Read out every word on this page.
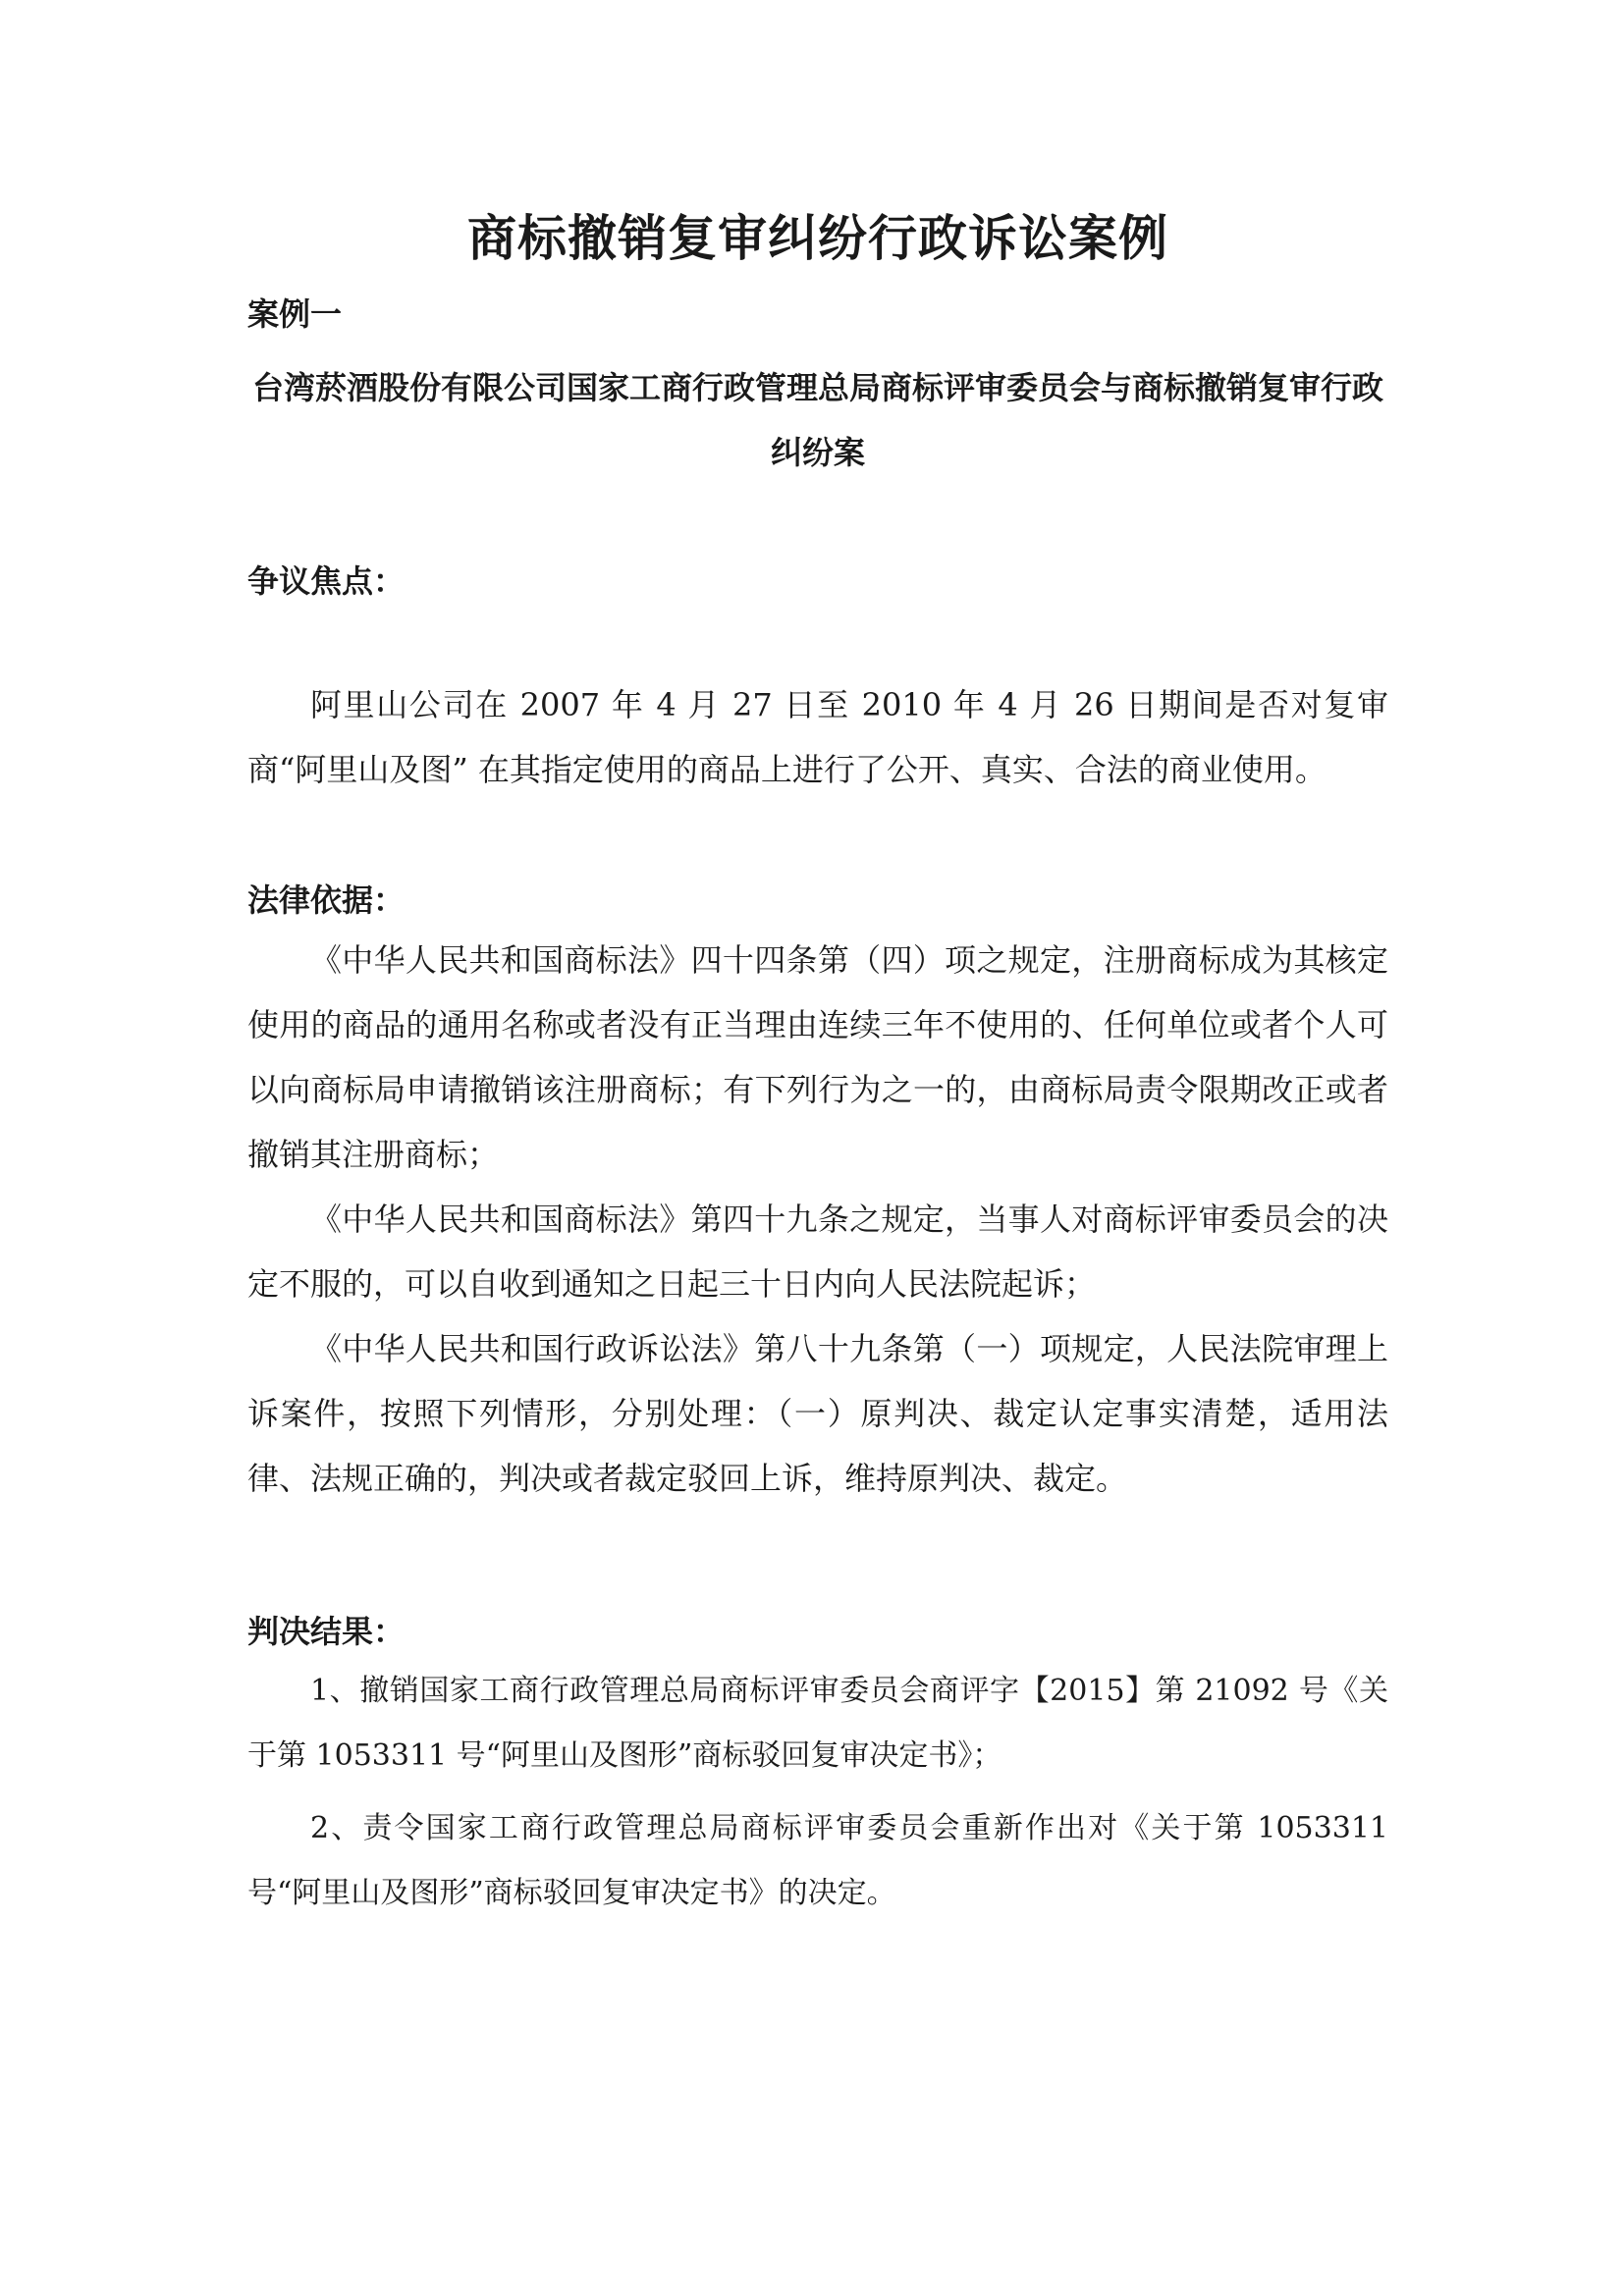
商标撤销复审纠纷行政诉讼案例
案例一
台湾菸酒股份有限公司国家工商行政管理总局商标评审委员会与商标撤销复审行政纠纷案
争议焦点：
阿里山公司在 2007 年 4 月 27 日至 2010 年 4 月 26 日期间是否对复审商“阿里山及图” 在其指定使用的商品上进行了公开、真实、合法的商业使用。
法律依据：
《中华人民共和国商标法》四十四条第（四）项之规定，注册商标成为其核定使用的商品的通用名称或者没有正当理由连续三年不使用的、任何单位或者个人可以向商标局申请撤销该注册商标；有下列行为之一的，由商标局责令限期改正或者撤销其注册商标；
《中华人民共和国商标法》第四十九条之规定，当事人对商标评审委员会的决定不服的，可以自收到通知之日起三十日内向人民法院起诉；
《中华人民共和国行政诉讼法》第八十九条第（一）项规定，人民法院审理上诉案件，按照下列情形，分别处理：（一）原判决、裁定认定事实清楚，适用法律、法规正确的，判决或者裁定驳回上诉，维持原判决、裁定。
判决结果：
1、撤销国家工商行政管理总局商标评审委员会商评字【2015】第 21092 号《关于第 1053311 号“阿里山及图形”商标驳回复审决定书》；
2、责令国家工商行政管理总局商标评审委员会重新作出对《关于第 1053311 号“阿里山及图形”商标驳回复审决定书》的决定。
